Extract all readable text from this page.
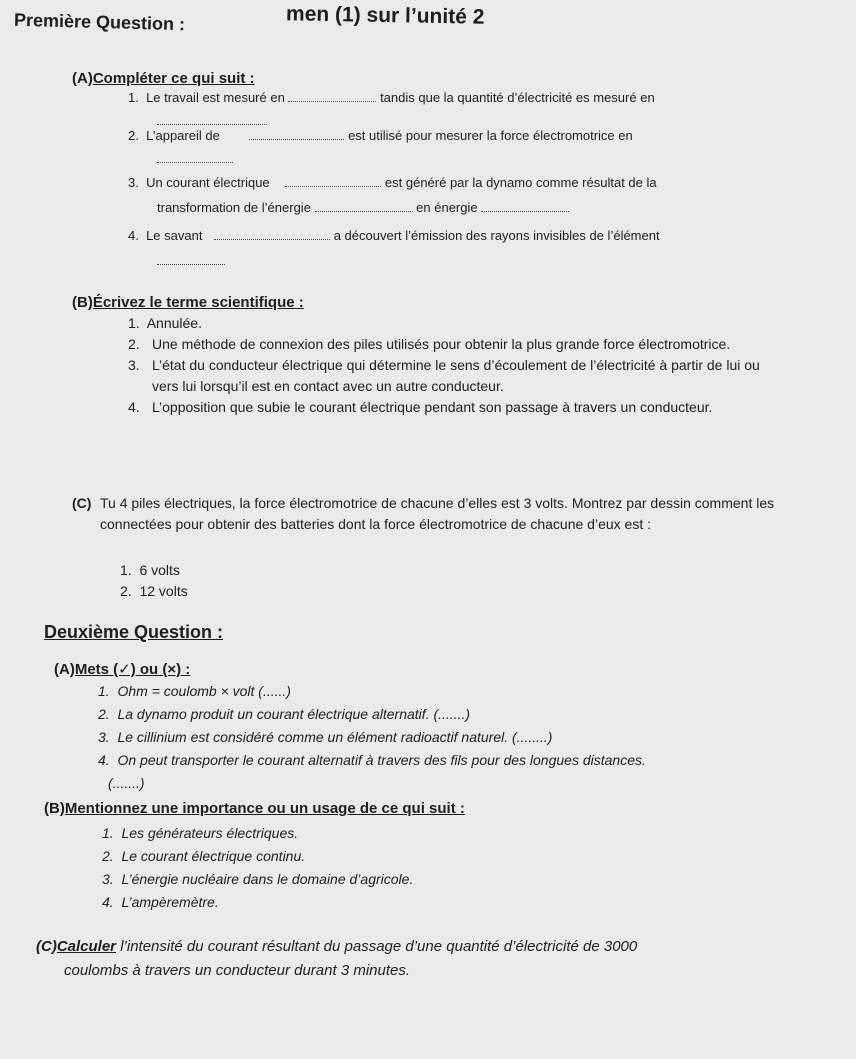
men (1) sur l’unité 2
Première Question :
(A)Compléter ce qui suit :
1. Le travail est mesuré en	tandis que la quantité d’électricité es mesuré en
2. L’appareil de	est utilisé pour mesurer la force électromotrice en
3. Un courant électrique	est généré par la dynamo comme résultat de la
transformation de l’énergie	en énergie
4. Le savant	a découvert l’émission des rayons invisibles de l’élément
(B)Écrivez le terme scientifique :
1. Annulée.
2. Une méthode de connexion des piles utilisés pour obtenir la plus grande force électromotrice.
3. L’état du conducteur électrique qui détermine le sens d’écoulement de l’électricité à partir de lui ou vers lui lorsqu’il est en contact avec un autre conducteur.
4. L’opposition que subie le courant électrique pendant son passage à travers un conducteur.
(C) Tu 4 piles électriques, la force électromotrice de chacune d’elles est 3 volts. Montrez par dessin comment les connectées pour obtenir des batteries dont la force électromotrice de chacune d’eux est :
1. 6 volts
2. 12 volts
Deuxième Question :
(A)Mets (✓) ou (×) :
1. Ohm = coulomb × volt (......)
2. La dynamo produit un courant électrique alternatif. (.......)
3. Le cillinium est considéré comme un élément radioactif naturel. (........)
4. On peut transporter le courant alternatif à travers des fils pour des longues distances.
(.......)
(B)Mentionnez une importance ou un usage de ce qui suit :
1. Les générateurs électriques.
2. Le courant électrique continu.
3. L’énergie nucléaire dans le domaine d’agricole.
4. L’ampèremètre.
(C)Calculer l’intensité du courant résultant du passage d’une quantité d’électricité de 3000
coulombs à travers un conducteur durant 3 minutes.
